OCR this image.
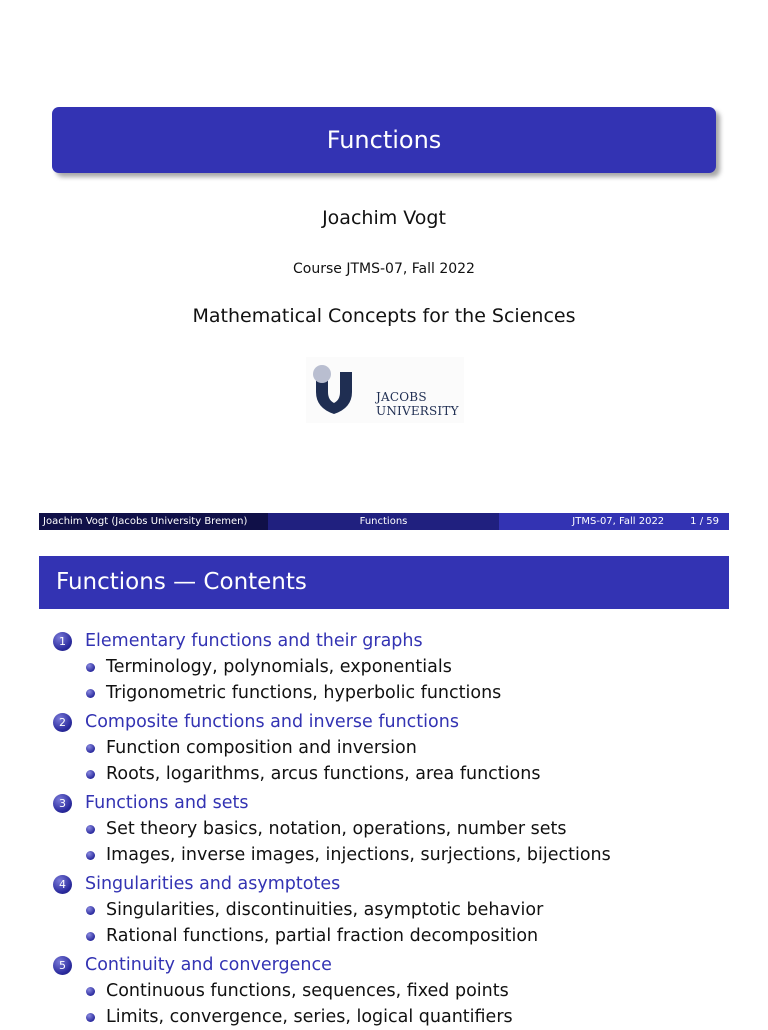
Functions
Joachim Vogt
Course JTMS-07, Fall 2022
Mathematical Concepts for the Sciences
JACOBS
UNIVERSITY
Joachim Vogt (Jacobs University Bremen)	Functions	JTMS-07, Fall 2022	1 / 59
Functions — Contents
1	Elementary functions and their graphs
Terminology, polynomials, exponentials
Trigonometric functions, hyperbolic functions
2	Composite functions and inverse functions
Function composition and inversion
Roots, logarithms, arcus functions, area functions
3	Functions and sets
Set theory basics, notation, operations, number sets
Images, inverse images, injections, surjections, bijections
4	Singularities and asymptotes
Singularities, discontinuities, asymptotic behavior
Rational functions, partial fraction decomposition
5	Continuity and convergence
Continuous functions, sequences, fixed points
Limits, convergence, series, logical quantifiers
